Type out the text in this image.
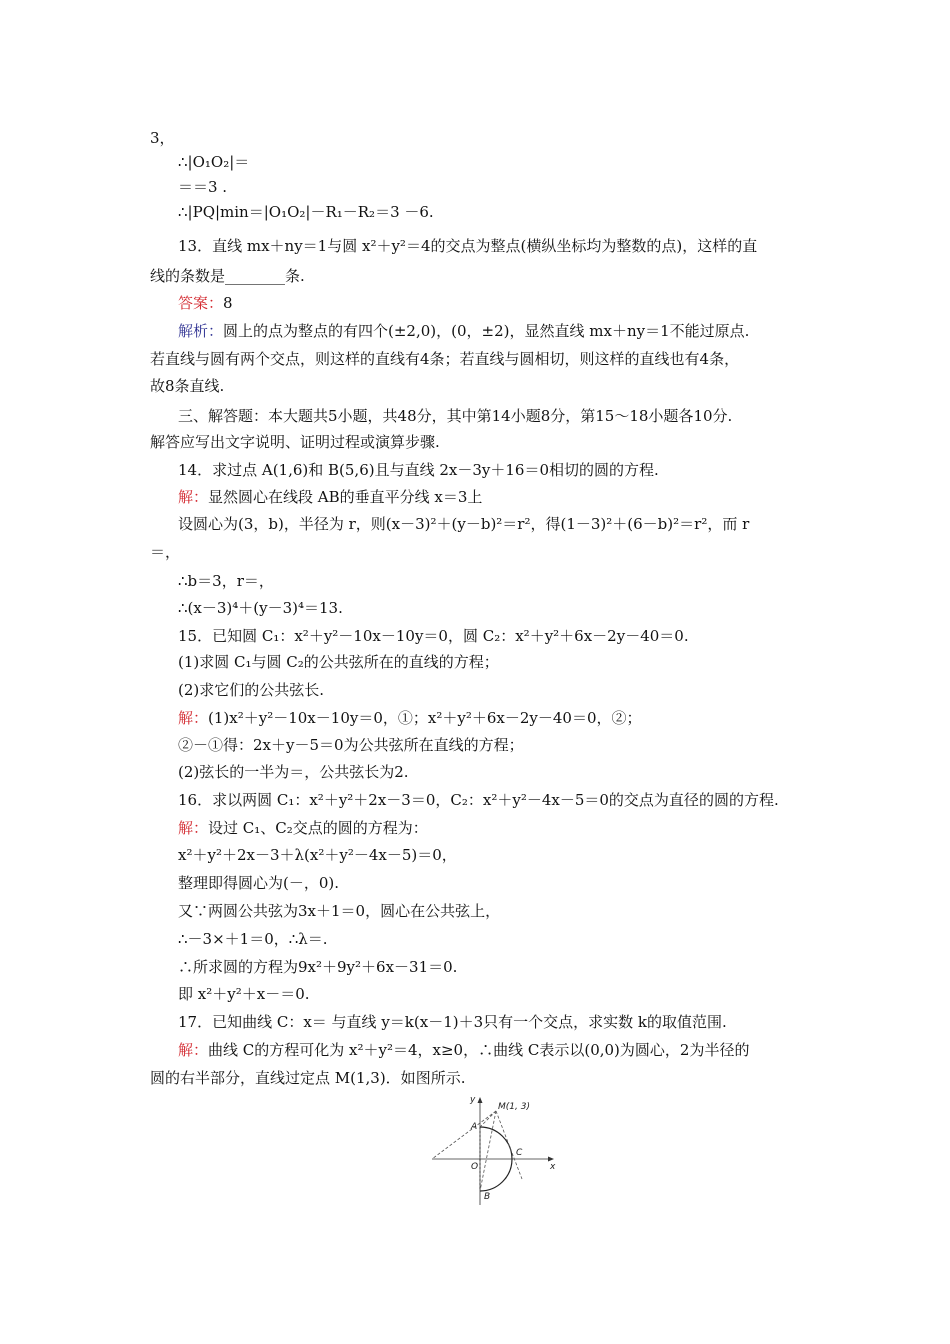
3，
∴|O₁O₂|＝
＝＝3 .
∴|PQ|min＝|O₁O₂|－R₁－R₂＝3 －6.
13．直线 mx＋ny＝1与圆 x²＋y²＝4的交点为整点(横纵坐标均为整数的点)，这样的直
线的条数是________条.
答案：8
解析：圆上的点为整点的有四个(±2,0)，(0，±2)，显然直线 mx＋ny＝1不能过原点.
若直线与圆有两个交点，则这样的直线有4条；若直线与圆相切，则这样的直线也有4条，
故8条直线.
三、解答题：本大题共5小题，共48分，其中第14小题8分，第15～18小题各10分.
解答应写出文字说明、证明过程或演算步骤.
14．求过点 A(1,6)和 B(5,6)且与直线 2x－3y＋16＝0相切的圆的方程.
解：显然圆心在线段 AB的垂直平分线 x＝3上
设圆心为(3，b)，半径为 r，则(x－3)²＋(y－b)²＝r²，得(1－3)²＋(6－b)²＝r²，而 r
＝，
∴b＝3，r＝，
∴(x－3)⁴＋(y－3)⁴＝13.
15．已知圆 C₁：x²＋y²－10x－10y＝0，圆 C₂：x²＋y²＋6x－2y－40＝0.
(1)求圆 C₁与圆 C₂的公共弦所在的直线的方程；
(2)求它们的公共弦长.
解：(1)x²＋y²－10x－10y＝0，①；x²＋y²＋6x－2y－40＝0，②；
②－①得：2x＋y－5＝0为公共弦所在直线的方程；
(2)弦长的一半为＝，公共弦长为2.
16．求以两圆 C₁：x²＋y²＋2x－3＝0，C₂：x²＋y²－4x－5＝0的交点为直径的圆的方程.
解：设过 C₁、C₂交点的圆的方程为：
x²＋y²＋2x－3＋λ(x²＋y²－4x－5)＝0，
整理即得圆心为(－，0).
又∵两圆公共弦为3x＋1＝0，圆心在公共弦上，
∴－3×＋1＝0，∴λ＝.
∴所求圆的方程为9x²＋9y²＋6x－31＝0.
即 x²＋y²＋x－＝0.
17．已知曲线 C：x＝ 与直线 y＝k(x－1)＋3只有一个交点，求实数 k的取值范围.
解：曲线 C的方程可化为 x²＋y²＝4，x≥0，∴曲线 C表示以(0,0)为圆心，2为半径的
圆的右半部分，直线过定点 M(1,3)．如图所示.
y
x
M(1, 3)
A
B
C
O
